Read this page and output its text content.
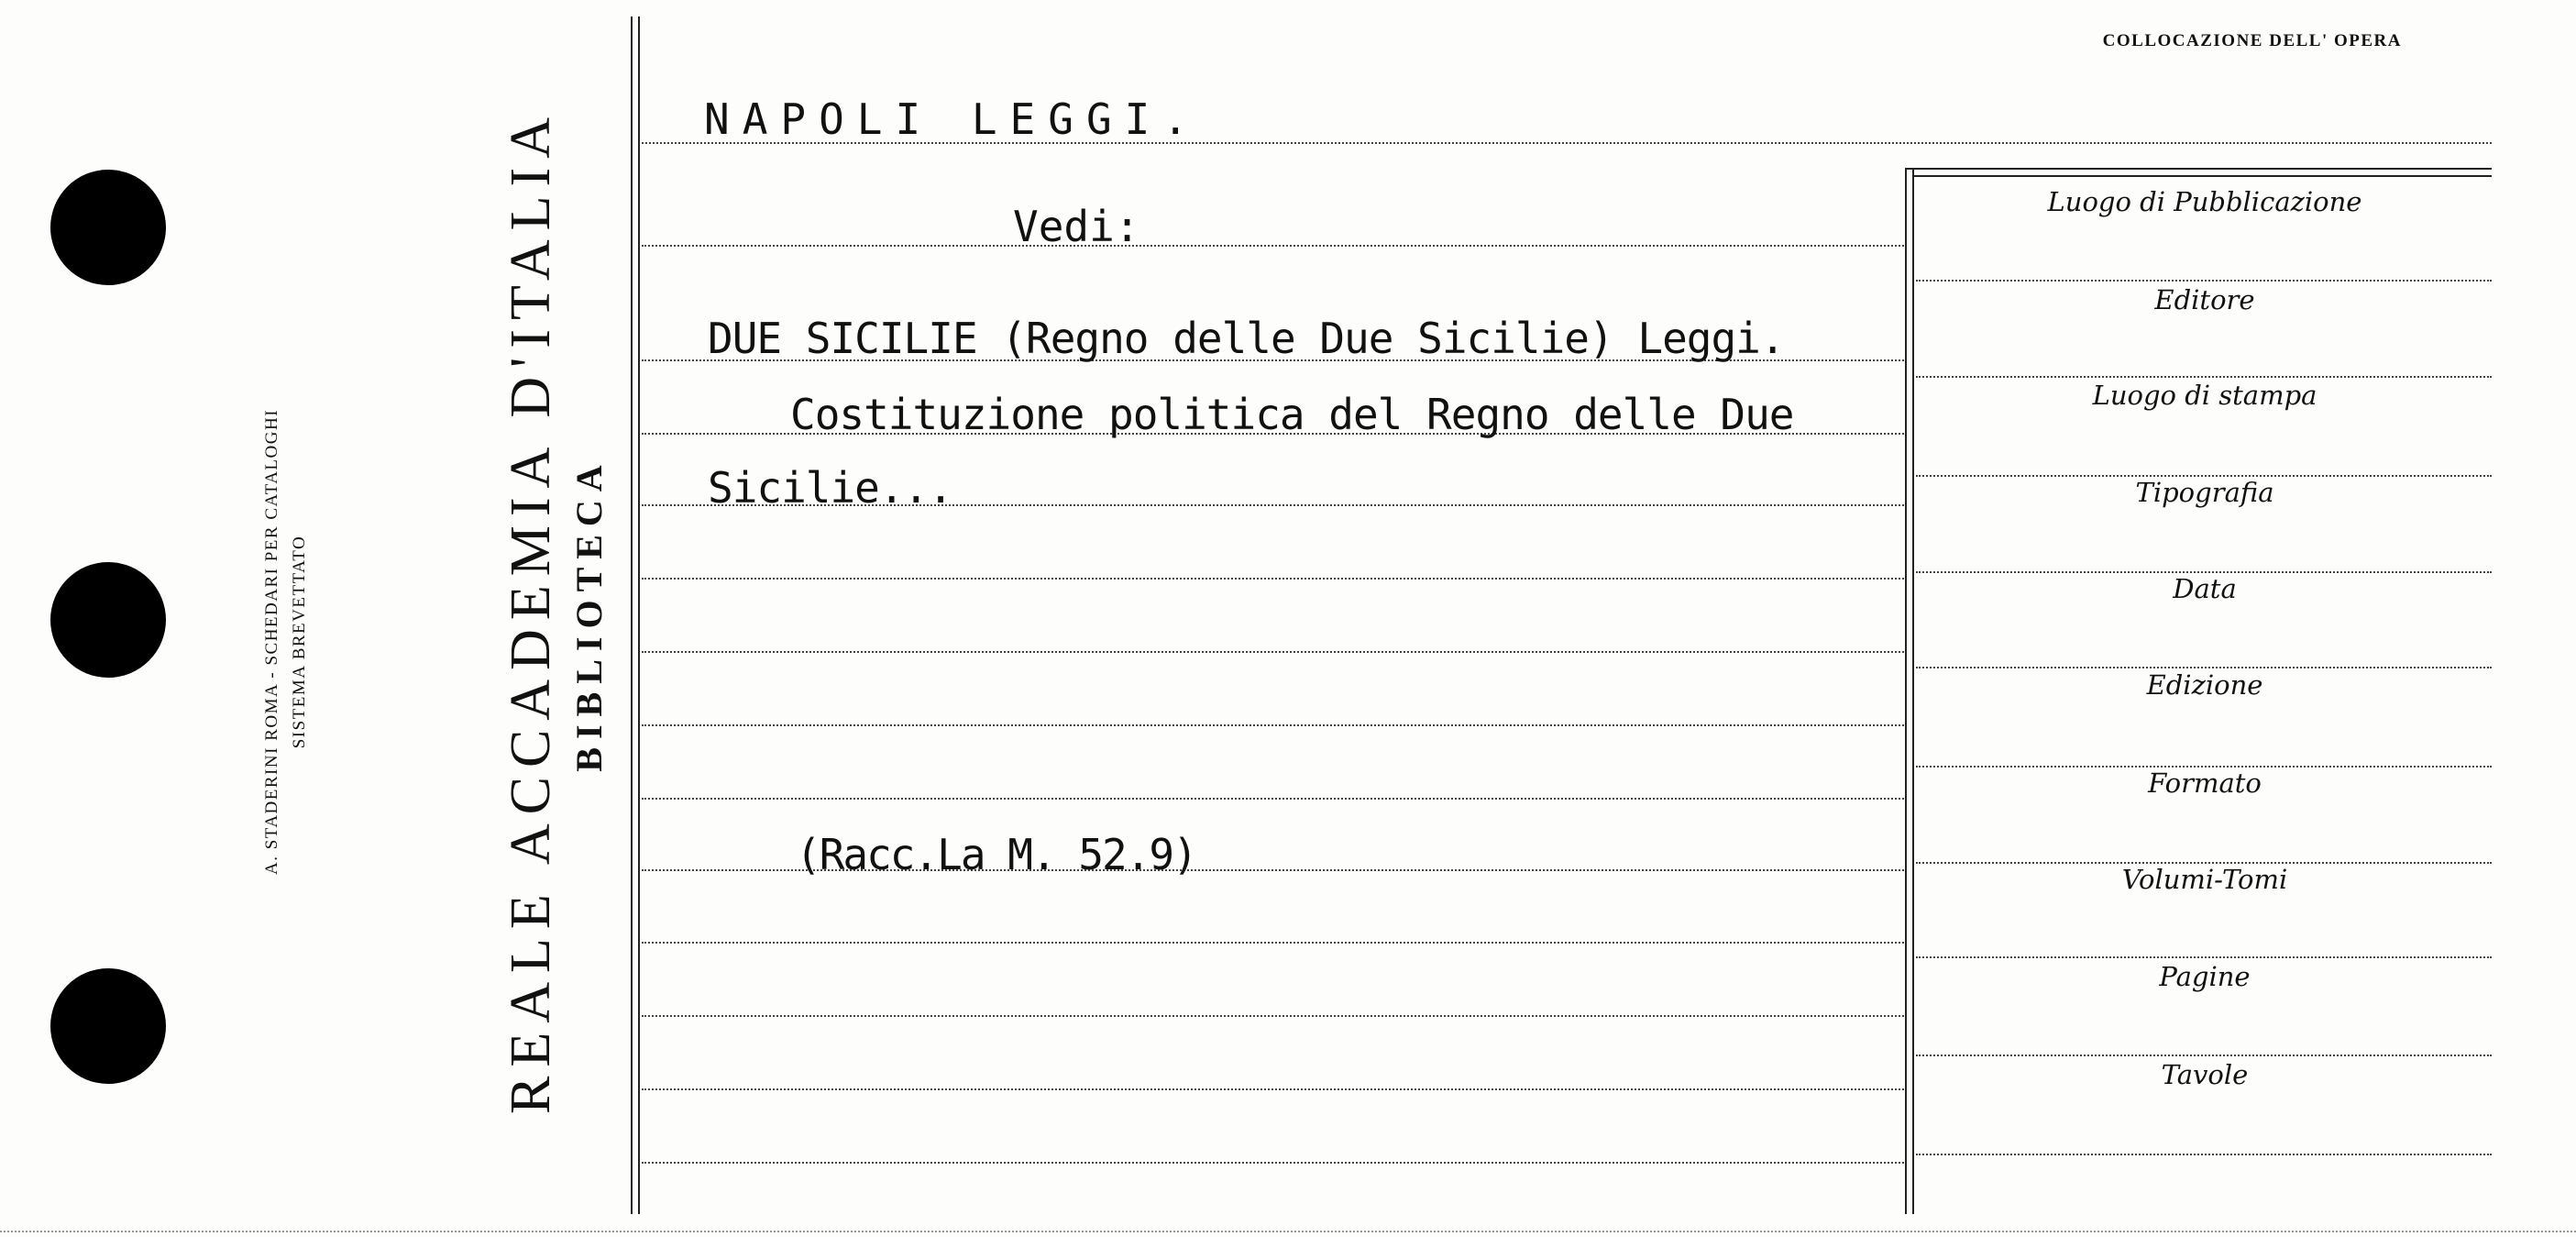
A. STADERINI ROMA - SCHEDARI PER CATALOGHI SISTEMA BREVETTATO	REALE ACCADEMIA D'ITALIA BIBLIOTECA
COLLOCAZIONE DELL' OPERA
NAPOLI LEGGI.
Vedi:
DUE SICILIE (Regno delle Due Sicilie) Leggi.
Costituzione politica del Regno delle Due
Sicilie...
(Racc.La M. 52.9)
Luogo di Pubblicazione
Editore
Luogo di stampa
Tipografia
Data
Edizione
Formato
Volumi-Tomi
Pagine
Tavole
